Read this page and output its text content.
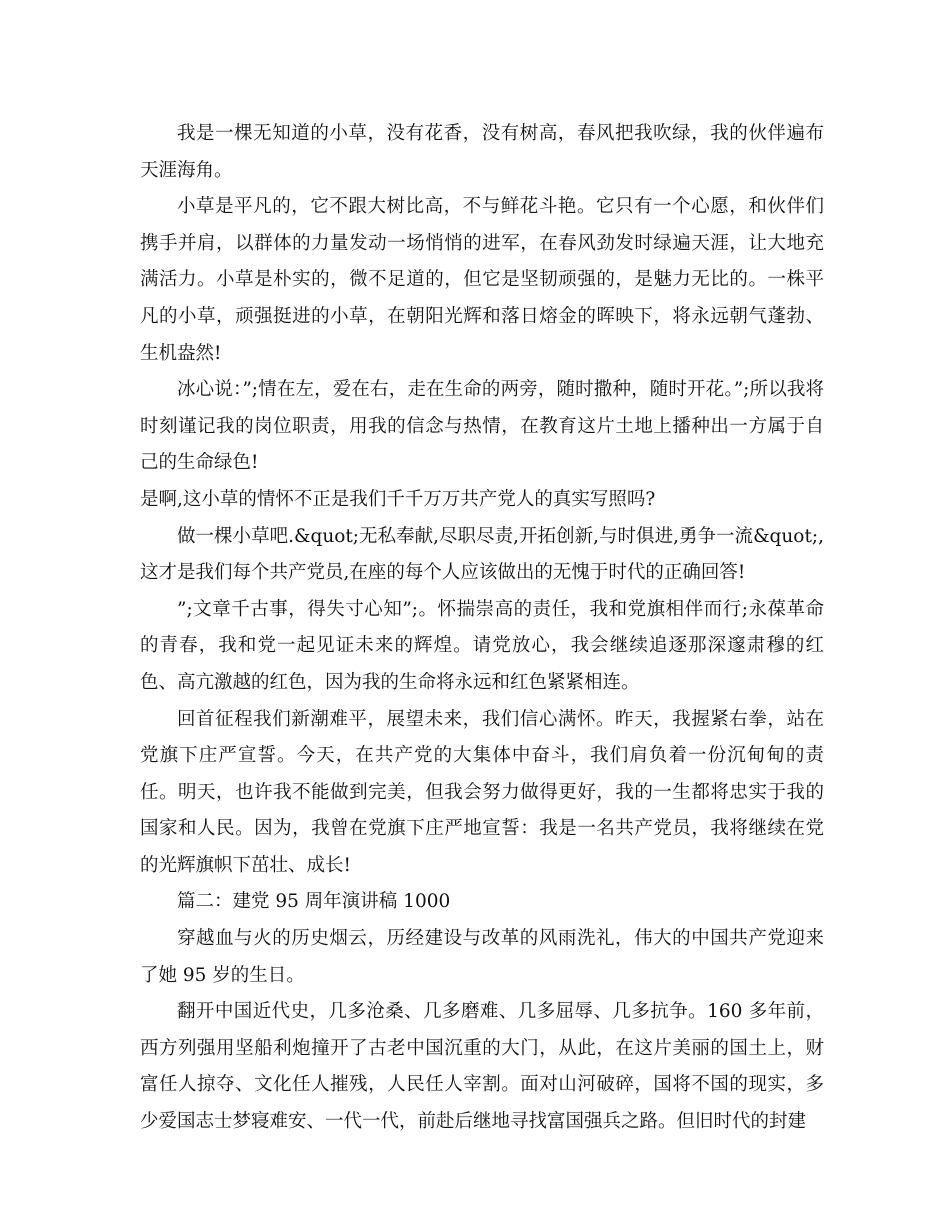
我是一棵无知道的小草，没有花香，没有树高，春风把我吹绿，我的伙伴遍布天涯海角。

小草是平凡的，它不跟大树比高，不与鲜花斗艳。它只有一个心愿，和伙伴们携手并肩，以群体的力量发动一场悄悄的进军，在春风劲发时绿遍天涯，让大地充满活力。小草是朴实的，微不足道的，但它是坚韧顽强的，是魅力无比的。一株平凡的小草，顽强挺进的小草，在朝阳光辉和落日熔金的晖映下，将永远朝气蓬勃、生机盎然!

冰心说：”;情在左，爱在右，走在生命的两旁，随时撒种，随时开花。”;所以我将时刻谨记我的岗位职责，用我的信念与热情，在教育这片土地上播种出一方属于自己的生命绿色!

是啊,这小草的情怀不正是我们千千万万共产党人的真实写照吗?

做一棵小草吧.&quot;无私奉献,尽职尽责,开拓创新,与时俱进,勇争一流&quot;,这才是我们每个共产党员,在座的每个人应该做出的无愧于时代的正确回答!

”;文章千古事，得失寸心知”;。怀揣崇高的责任，我和党旗相伴而行;永葆革命的青春，我和党一起见证未来的辉煌。请党放心，我会继续追逐那深邃肃穆的红色、高亢激越的红色，因为我的生命将永远和红色紧紧相连。

回首征程我们新潮难平，展望未来，我们信心满怀。昨天，我握紧右拳，站在党旗下庄严宣誓。今天，在共产党的大集体中奋斗，我们肩负着一份沉甸甸的责任。明天，也许我不能做到完美，但我会努力做得更好，我的一生都将忠实于我的国家和人民。因为，我曾在党旗下庄严地宣誓：我是一名共产党员，我将继续在党的光辉旗帜下茁壮、成长!

篇二：建党 95 周年演讲稿 1000

穿越血与火的历史烟云，历经建设与改革的风雨洗礼，伟大的中国共产党迎来了她 95 岁的生日。

翻开中国近代史，几多沧桑、几多磨难、几多屈辱、几多抗争。160 多年前，西方列强用坚船利炮撞开了古老中国沉重的大门，从此，在这片美丽的国土上，财富任人掠夺、文化任人摧残，人民任人宰割。面对山河破碎，国将不国的现实，多少爱国志士梦寝难安、一代一代，前赴后继地寻找富国强兵之路。但旧时代的封建
